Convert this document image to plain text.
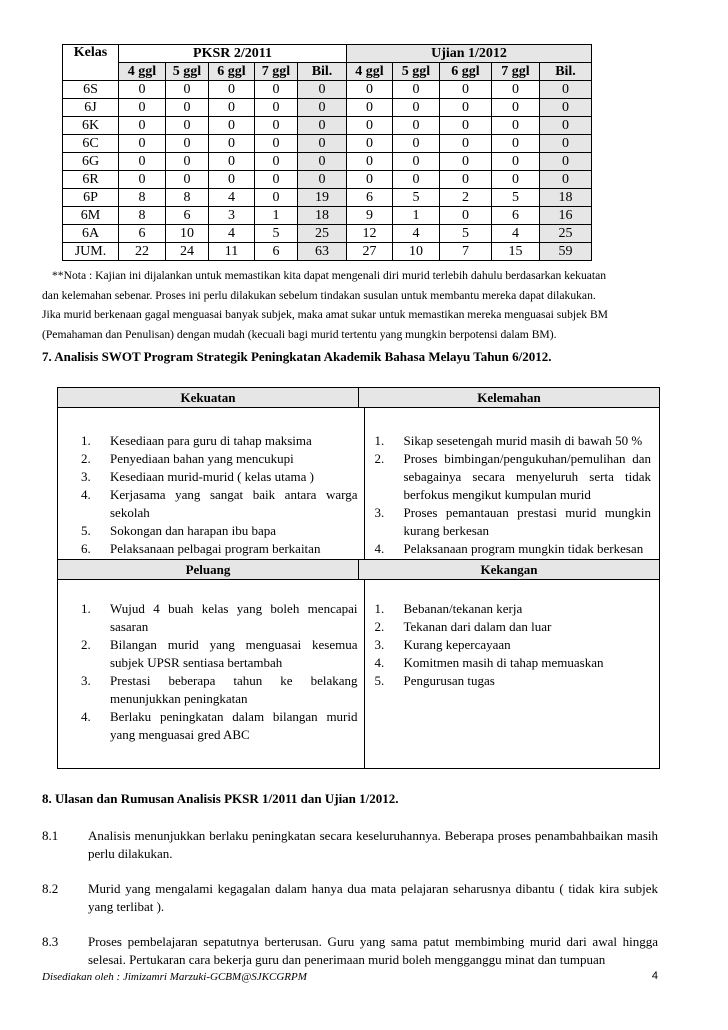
Kelas	PKSR 2/2011					Ujian 1/2012				
	4 ggl	5 ggl	6 ggl	7 ggl	Bil.	4 ggl	5 ggl	6 ggl	7 ggl	Bil.
6S	0	0	0	0	0	0	0	0	0	0
6J	0	0	0	0	0	0	0	0	0	0
6K	0	0	0	0	0	0	0	0	0	0
6C	0	0	0	0	0	0	0	0	0	0
6G	0	0	0	0	0	0	0	0	0	0
6R	0	0	0	0	0	0	0	0	0	0
6P	8	8	4	0	19	6	5	2	5	18
6M	8	6	3	1	18	9	1	0	6	16
6A	6	10	4	5	25	12	4	5	4	25
JUM.	22	24	11	6	63	27	10	7	15	59
**Nota : Kajian ini dijalankan untuk memastikan kita dapat mengenali diri murid terlebih dahulu berdasarkan kekuatan
dan kelemahan sebenar. Proses ini perlu dilakukan sebelum tindakan susulan untuk membantu mereka dapat dilakukan.
Jika murid berkenaan gagal menguasai banyak subjek, maka amat sukar untuk memastikan mereka menguasai subjek BM
(Pemahaman dan Penulisan) dengan mudah (kecuali bagi murid tertentu yang mungkin berpotensi dalam BM).
7. Analisis SWOT Program Strategik Peningkatan Akademik Bahasa Melayu Tahun 6/2012.
Kekuatan	Kelemahan
1. Kesediaan para guru di tahap maksima
2. Penyediaan bahan yang mencukupi
3. Kesediaan murid-murid ( kelas utama )
4. Kerjasama yang sangat baik antara warga sekolah
5. Sokongan dan harapan ibu bapa
6. Pelaksanaan pelbagai program berkaitan
1. Sikap sesetengah murid masih di bawah 50 %
2. Proses bimbingan/pengukuhan/pemulihan dan sebagainya secara menyeluruh serta tidak berfokus mengikut kumpulan murid
3. Proses pemantauan prestasi murid mungkin kurang berkesan
4. Pelaksanaan program mungkin tidak berkesan
Peluang	Kekangan
1. Wujud 4 buah kelas yang boleh mencapai sasaran
2. Bilangan murid yang menguasai kesemua subjek UPSR sentiasa bertambah
3. Prestasi beberapa tahun ke belakang menunjukkan peningkatan
4. Berlaku peningkatan dalam bilangan murid yang menguasai gred ABC
1. Bebanan/tekanan kerja
2. Tekanan dari dalam dan luar
3. Kurang kepercayaan
4. Komitmen masih di tahap memuaskan
5. Pengurusan tugas
8. Ulasan dan Rumusan Analisis PKSR 1/2011 dan Ujian 1/2012.
8.1 Analisis menunjukkan berlaku peningkatan secara keseluruhannya. Beberapa proses penambahbaikan masih perlu dilakukan.
8.2 Murid yang mengalami kegagalan dalam hanya dua mata pelajaran seharusnya dibantu ( tidak kira subjek yang terlibat ).
8.3 Proses pembelajaran sepatutnya berterusan. Guru yang sama patut membimbing murid dari awal hingga selesai. Pertukaran cara bekerja guru dan penerimaan murid boleh mengganggu minat dan tumpuan
Disediakan oleh : Jimizamri Marzuki-GCBM@SJKCGRPM	4
